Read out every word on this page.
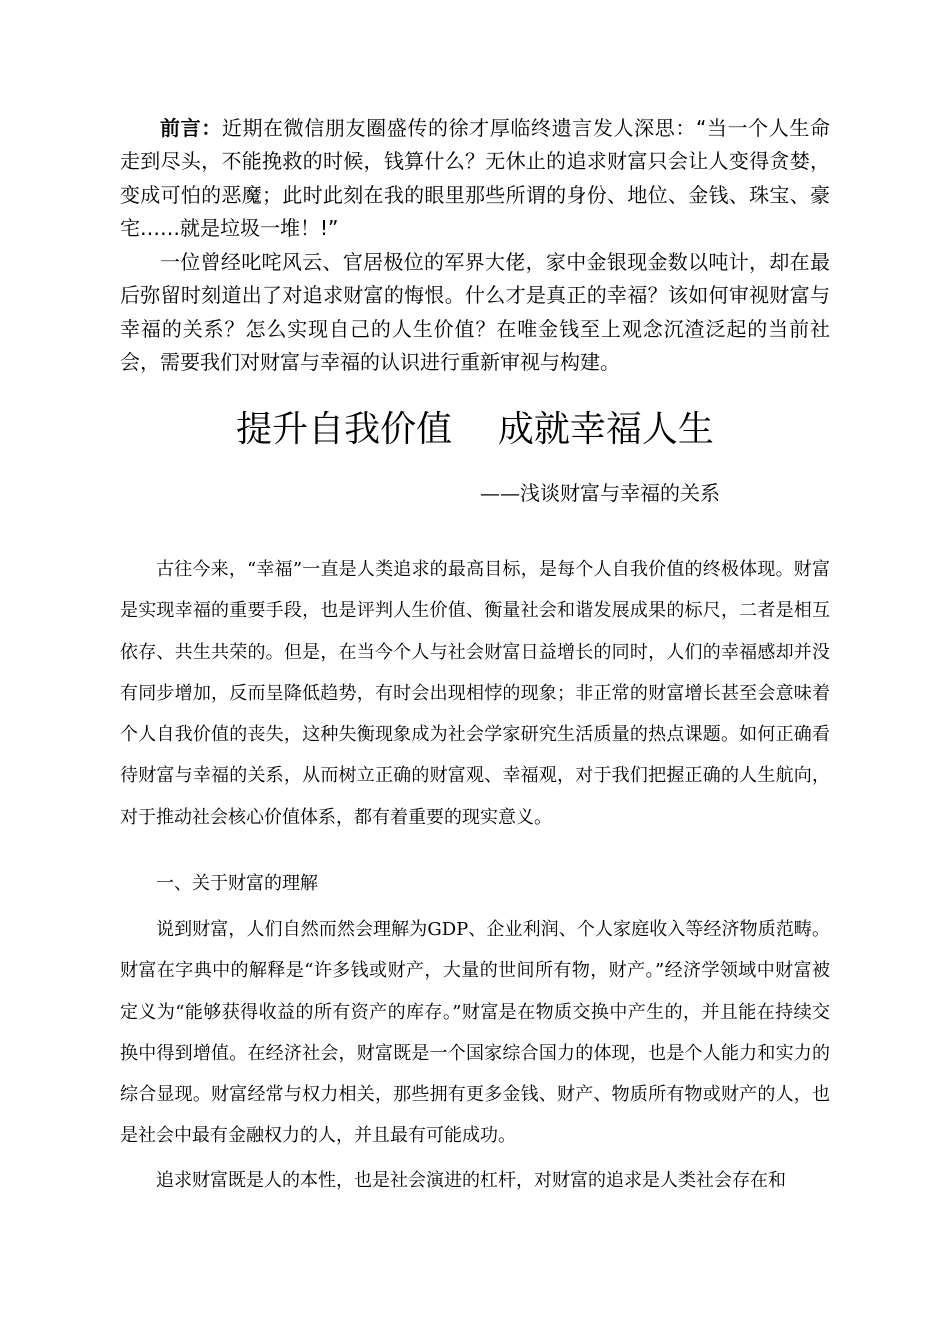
前言：近期在微信朋友圈盛传的徐才厚临终遗言发人深思：“当一个人生命走到尽头，不能挽救的时候，钱算什么？无休止的追求财富只会让人变得贪婪，变成可怕的恶魔；此时此刻在我的眼里那些所谓的身份、地位、金钱、珠宝、豪宅……就是垃圾一堆！!”
一位曾经叱咤风云、官居极位的军界大佬，家中金银现金数以吨计，却在最后弥留时刻道出了对追求财富的悔恨。什么才是真正的幸福？该如何审视财富与幸福的关系？怎么实现自己的人生价值？在唯金钱至上观念沉渣泛起的当前社会，需要我们对财富与幸福的认识进行重新审视与构建。
提升自我价值    成就幸福人生
——浅谈财富与幸福的关系
古往今来，“幸福”一直是人类追求的最高目标，是每个人自我价值的终极体现。财富是实现幸福的重要手段，也是评判人生价值、衡量社会和谐发展成果的标尺，二者是相互依存、共生共荣的。但是，在当今个人与社会财富日益增长的同时，人们的幸福感却并没有同步增加，反而呈降低趋势，有时会出现相悖的现象；非正常的财富增长甚至会意味着个人自我价值的丧失，这种失衡现象成为社会学家研究生活质量的热点课题。如何正确看待财富与幸福的关系，从而树立正确的财富观、幸福观，对于我们把握正确的人生航向，对于推动社会核心价值体系，都有着重要的现实意义。
一、关于财富的理解
说到财富，人们自然而然会理解为GDP、企业利润、个人家庭收入等经济物质范畴。财富在字典中的解释是“许多钱或财产，大量的世间所有物，财产。”经济学领域中财富被定义为“能够获得收益的所有资产的库存。”财富是在物质交换中产生的，并且能在持续交换中得到增值。在经济社会，财富既是一个国家综合国力的体现，也是个人能力和实力的综合显现。财富经常与权力相关，那些拥有更多金钱、财产、物质所有物或财产的人，也是社会中最有金融权力的人，并且最有可能成功。
追求财富既是人的本性，也是社会演进的杠杆，对财富的追求是人类社会存在和
